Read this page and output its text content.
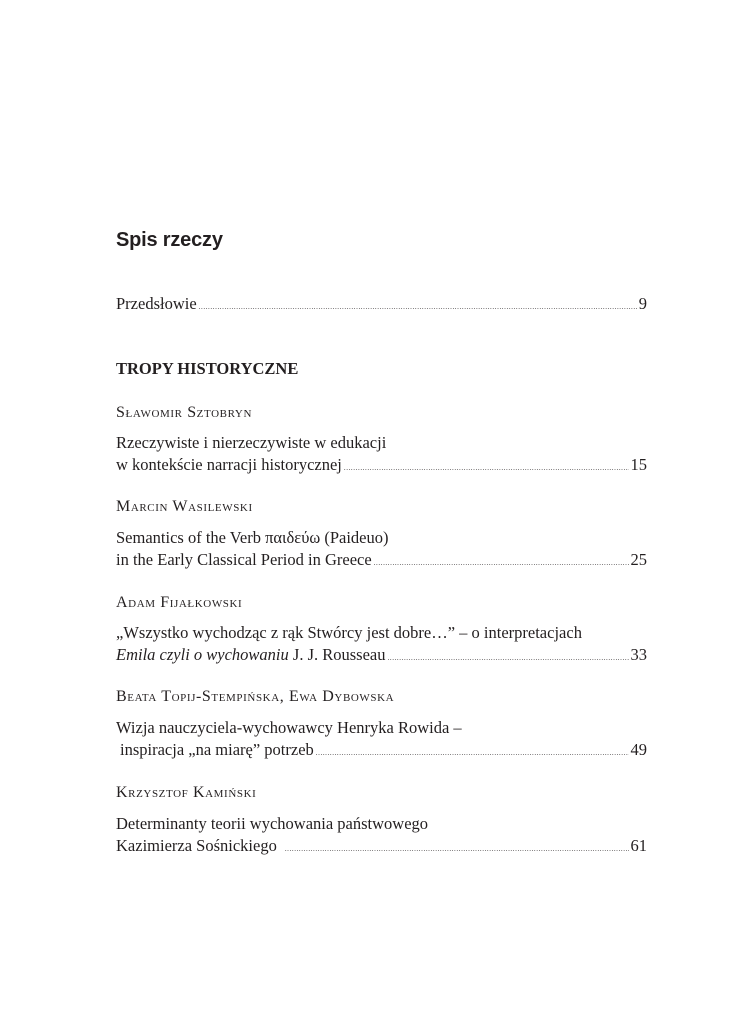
Spis rzeczy
Przedsłowie .....	9
TROPY HISTORYCZNE
Sławomir Sztobryn
Rzeczywiste i nierzeczywiste w edukacji
w kontekście narracji historycznej .....	15
Marcin Wasilewski
Semantics of the Verb παιδεύω (Paideuo)
in the Early Classical Period in Greece .....	25
Adam Fijałkowski
„Wszystko wychodząc z rąk Stwórcy jest dobre…” – o interpretacjach
Emila czyli o wychowaniu J. J. Rousseau .....	33
Beata Topij-Stempińska, Ewa Dybowska
Wizja nauczyciela-wychowawcy Henryka Rowida –
inspiracja „na miarę” potrzeb .....	49
Krzysztof Kamiński
Determinanty teorii wychowania państwowego
Kazimierza Sośnickiego .....	61
